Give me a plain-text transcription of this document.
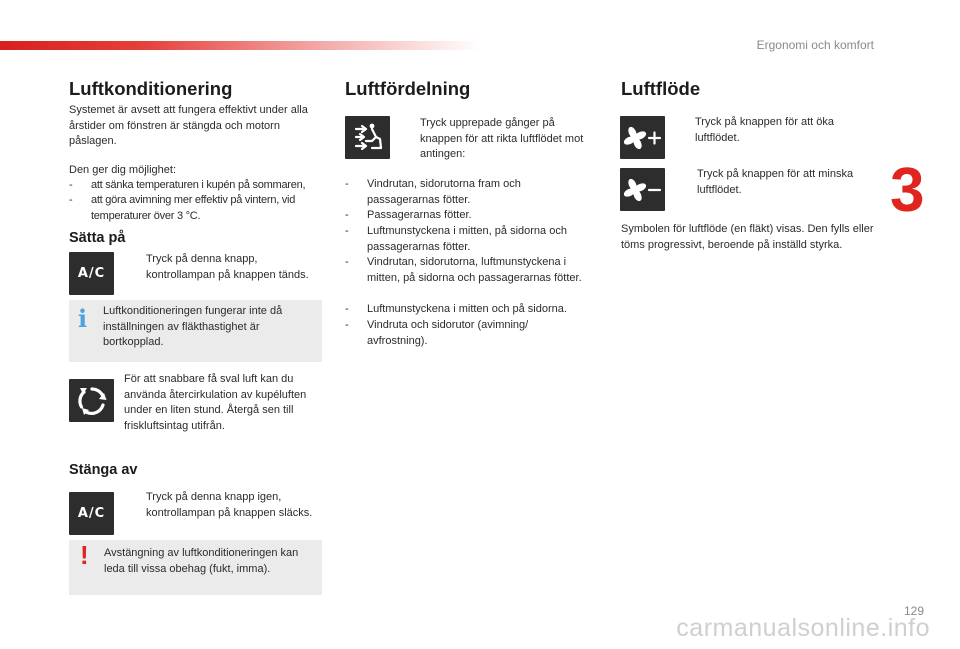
Ergonomi och komfort
3
Luftkonditionering
Systemet är avsett att fungera effektivt under alla årstider om fönstren är stängda och motorn påslagen.
Den ger dig möjlighet:
-	att sänka temperaturen i kupén på sommaren,
-	att göra avimning mer effektiv på vintern, vid temperaturer över 3 °C.
Sätta på
A/C
Tryck på denna knapp, kontrollampan på knappen tänds.
i Luftkonditioneringen fungerar inte då inställningen av fläkthastighet är bortkopplad.
För att snabbare få sval luft kan du använda återcirkulation av kupéluften under en liten stund. Återgå sen till friskluftsintag utifrån.
Stänga av
A/C
Tryck på denna knapp igen, kontrollampan på knappen släcks.
! Avstängning av luftkonditioneringen kan leda till vissa obehag (fukt, imma).
Luftfördelning
Tryck upprepade gånger på knappen för att rikta luftflödet mot antingen:
-	Vindrutan, sidorutorna fram och passagerarnas fötter.
-	Passagerarnas fötter.
-	Luftmunstyckena i mitten, på sidorna och passagerarnas fötter.
-	Vindrutan, sidorutorna, luftmunstyckena i mitten, på sidorna och passagerarnas fötter.
-	Luftmunstyckena i mitten och på sidorna.
-	Vindruta och sidorutor (avimning/ avfrostning).
Luftflöde
Tryck på knappen för att öka luftflödet.
Tryck på knappen för att minska luftflödet.
Symbolen för luftflöde (en fläkt) visas. Den fylls eller töms progressivt, beroende på inställd styrka.
129
carmanualsonline.info
